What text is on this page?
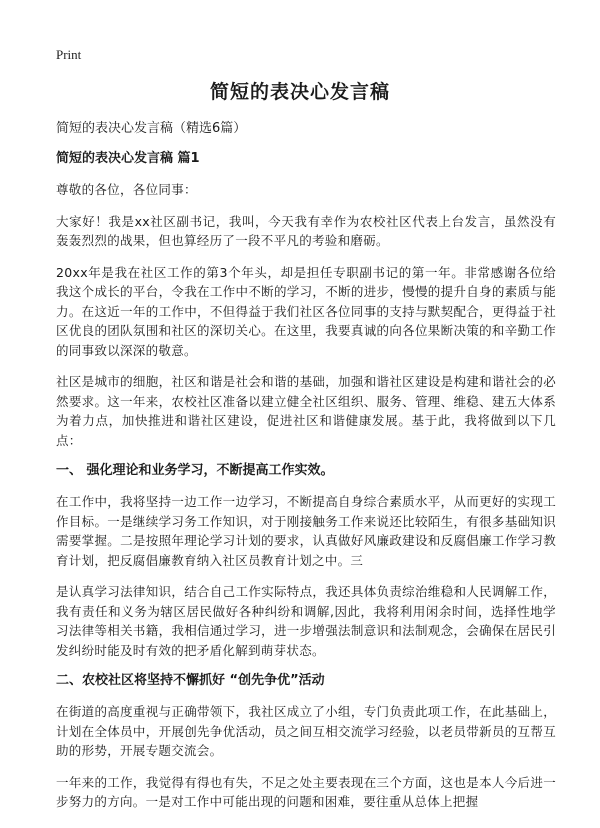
Print
简短的表决心发言稿
简短的表决心发言稿（精选6篇）
简短的表决心发言稿 篇1
尊敬的各位，各位同事：
大家好！我是xx社区副书记，我叫，今天我有幸作为农校社区代表上台发言，虽然没有轰轰烈烈的战果，但也算经历了一段不平凡的考验和磨砺。
20xx年是我在社区工作的第3个年头，却是担任专职副书记的第一年。非常感谢各位给我这个成长的平台，令我在工作中不断的学习，不断的进步，慢慢的提升自身的素质与能力。在这近一年的工作中，不但得益于我们社区各位同事的支持与默契配合，更得益于社区优良的团队氛围和社区的深切关心。在这里，我要真诚的向各位果断决策的和辛勤工作的同事致以深深的敬意。
社区是城市的细胞，社区和谐是社会和谐的基础，加强和谐社区建设是构建和谐社会的必然要求。这一年来，农校社区准备以建立健全社区组织、服务、管理、维稳、建五大体系为着力点，加快推进和谐社区建设，促进社区和谐健康发展。基于此，我将做到以下几点：
一、 强化理论和业务学习，不断提高工作实效。
在工作中，我将坚持一边工作一边学习，不断提高自身综合素质水平，从而更好的实现工作目标。一是继续学习务工作知识，对于刚接触务工作来说还比较陌生，有很多基础知识需要掌握。二是按照年理论学习计划的要求，认真做好风廉政建设和反腐倡廉工作学习教育计划，把反腐倡廉教育纳入社区员教育计划之中。三
是认真学习法律知识，结合自己工作实际特点，我还具体负责综治维稳和人民调解工作，我有责任和义务为辖区居民做好各种纠纷和调解,因此，我将利用闲余时间，选择性地学习法律等相关书籍，我相信通过学习，进一步增强法制意识和法制观念，会确保在居民引发纠纷时能及时有效的把矛盾化解到萌芽状态。
二、农校社区将坚持不懈抓好 “创先争优”活动
在街道的高度重视与正确带领下，我社区成立了小组，专门负责此项工作，在此基础上，计划在全体员中，开展创先争优活动，员之间互相交流学习经验，以老员带新员的互帮互助的形势，开展专题交流会。
一年来的工作，我觉得有得也有失，不足之处主要表现在三个方面，这也是本人今后进一步努力的方向。一是对工作中可能出现的问题和困难，要往重从总体上把握
